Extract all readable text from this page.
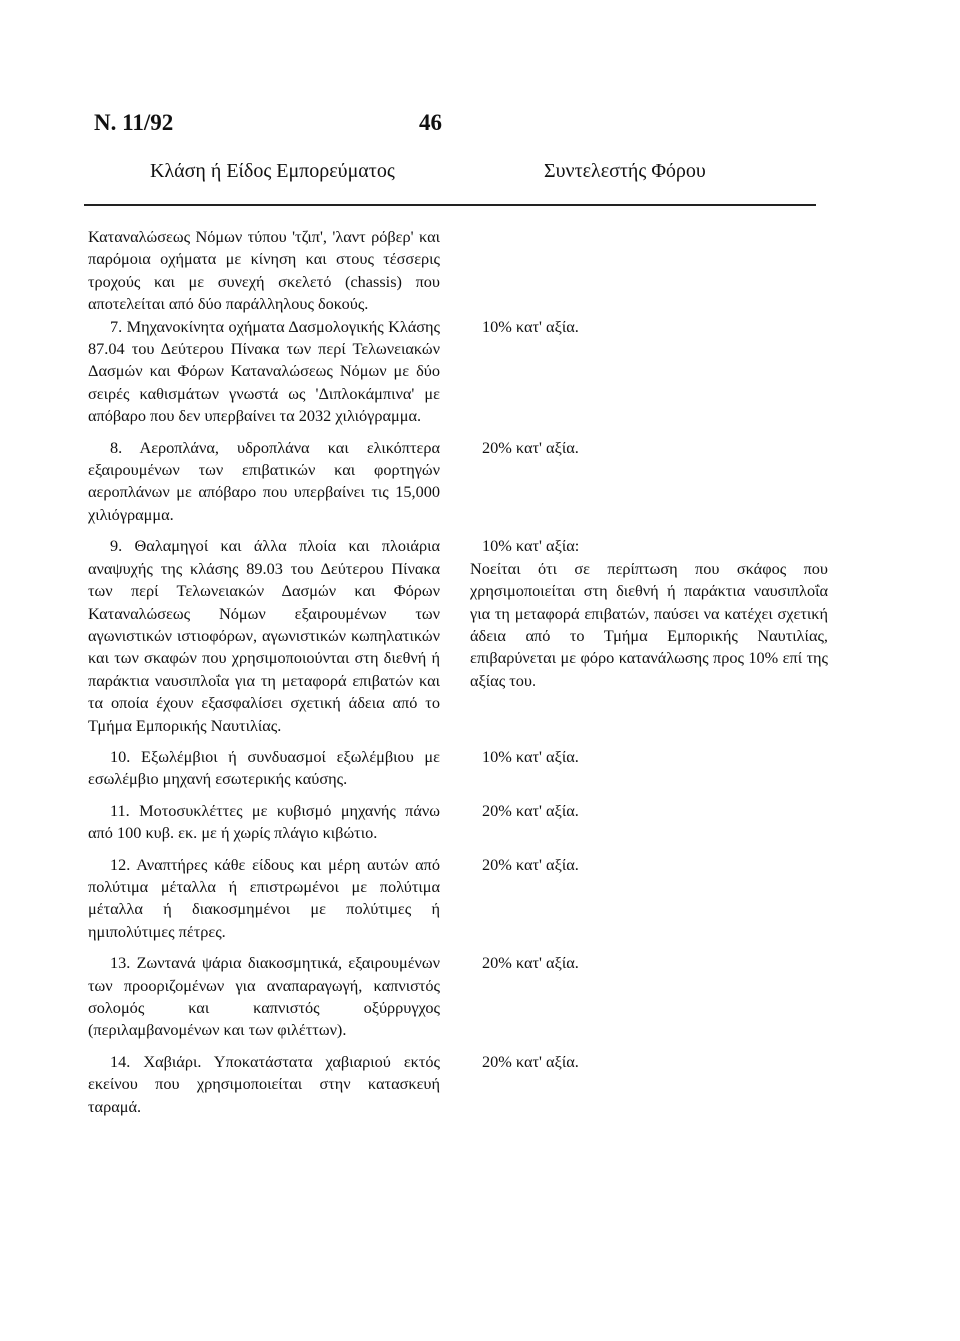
Ν. 11/92	46
Κλάση ή Είδος Εμπορεύματος	Συντελεστής Φόρου
Καταναλώσεως Νόμων τύπου 'τζιπ', 'λαντ ρόβερ' και παρόμοια οχήματα με κίνηση και στους τέσσερις τροχούς και με συνεχή σκελετό (chassis) που αποτελείται από δύο παράλληλους δοκούς.
7. Μηχανοκίνητα οχήματα Δασμολογικής Κλάσης 87.04 του Δεύτερου Πίνακα των περί Τελωνειακών Δασμών και Φόρων Καταναλώσεως Νόμων με δύο σειρές καθισμάτων γνωστά ως 'Διπλοκάμπινα' με απόβαρο που δεν υπερβαίνει τα 2032 χιλιόγραμμα.
10% κατ' αξία.
8. Αεροπλάνα, υδροπλάνα και ελικόπτερα εξαιρουμένων των επιβατικών και φορτηγών αεροπλάνων με απόβαρο που υπερβαίνει τις 15,000 χιλιόγραμμα.
20% κατ' αξία.
9. Θαλαμηγοί και άλλα πλοία και πλοιάρια αναψυχής της κλάσης 89.03 του Δεύτερου Πίνακα των περί Τελωνειακών Δασμών και Φόρων Καταναλώσεως Νόμων εξαιρουμένων των αγωνιστικών ιστιοφόρων, αγωνιστικών κωπηλατικών και των σκαφών που χρησιμοποιούνται στη διεθνή ή παράκτια ναυσιπλοΐα για τη μεταφορά επιβατών και τα οποία έχουν εξασφαλίσει σχετική άδεια από το Τμήμα Εμπορικής Ναυτιλίας.
10% κατ' αξία:
Νοείται ότι σε περίπτωση που σκάφος που χρησιμοποιείται στη διεθνή ή παράκτια ναυσιπλοΐα για τη μεταφορά επιβατών, παύσει να κατέχει σχετική άδεια από το Τμήμα Εμπορικής Ναυτιλίας, επιβαρύνεται με φόρο κατανάλωσης προς 10% επί της αξίας του.
10. Εξωλέμβιοι ή συνδυασμοί εξωλέμβιου με εσωλέμβιο μηχανή εσωτερικής καύσης.
10% κατ' αξία.
11. Μοτοσυκλέττες με κυβισμό μηχανής πάνω από 100 κυβ. εκ. με ή χωρίς πλάγιο κιβώτιο.
20% κατ' αξία.
12. Αναπτήρες κάθε είδους και μέρη αυτών από πολύτιμα μέταλλα ή επιστρωμένοι με πολύτιμα μέταλλα ή διακοσμημένοι με πολύτιμες ή ημιπολύτιμες πέτρες.
20% κατ' αξία.
13. Ζωντανά ψάρια διακοσμητικά, εξαιρουμένων των προοριζομένων για αναπαραγωγή, καπνιστός σολομός και καπνιστός οξύρρυγχος (περιλαμβανομένων και των φιλέττων).
20% κατ' αξία.
14. Χαβιάρι. Υποκατάστατα χαβιαριού εκτός εκείνου που χρησιμοποιείται στην κατασκευή ταραμά.
20% κατ' αξία.
